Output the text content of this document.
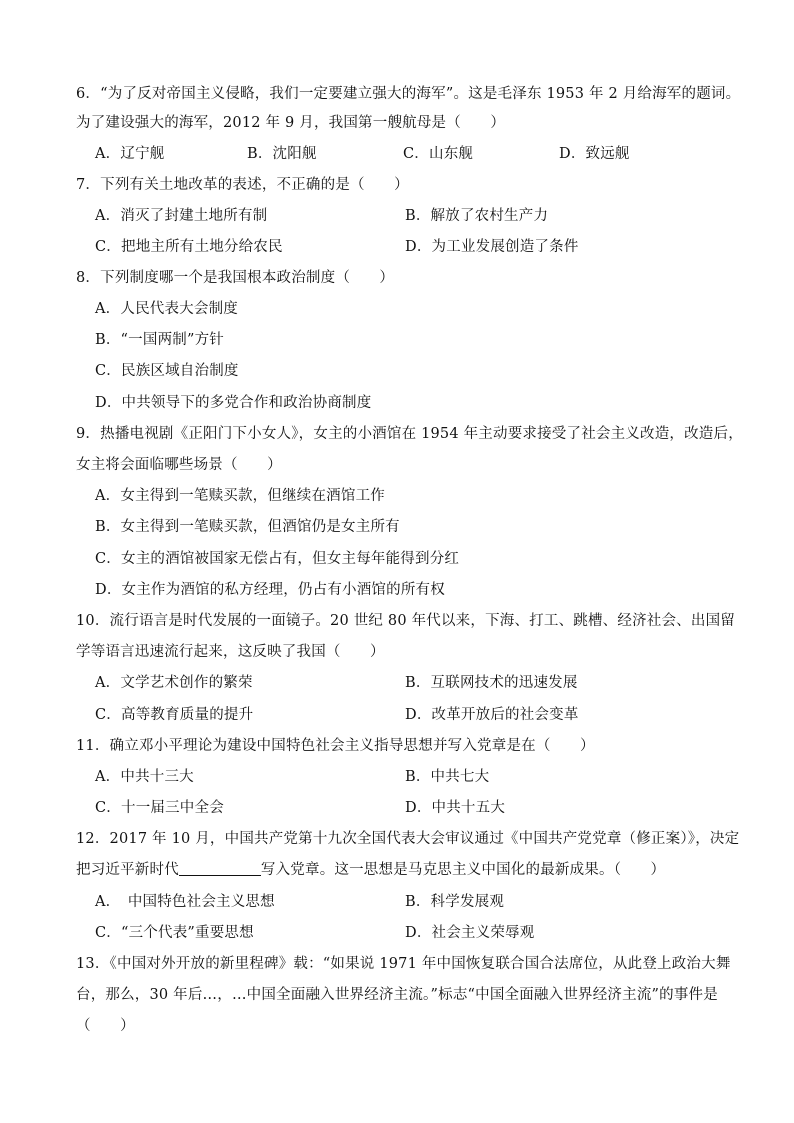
6．“为了反对帝国主义侵略，我们一定要建立强大的海军”。这是毛泽东 1953 年 2 月给海军的题词。
为了建设强大的海军，2012 年 9 月，我国第一艘航母是（　　）
A．辽宁舰	B．沈阳舰	C．山东舰	D．致远舰
7．下列有关土地改革的表述，不正确的是（　　）
A．消灭了封建土地所有制	B．解放了农村生产力
C．把地主所有土地分给农民	D．为工业发展创造了条件
8．下列制度哪一个是我国根本政治制度（　　）
A．人民代表大会制度
B．“一国两制”方针
C．民族区域自治制度
D．中共领导下的多党合作和政治协商制度
9．热播电视剧《正阳门下小女人》，女主的小酒馆在 1954 年主动要求接受了社会主义改造，改造后，
女主将会面临哪些场景（　　）
A．女主得到一笔赎买款，但继续在酒馆工作
B．女主得到一笔赎买款，但酒馆仍是女主所有
C．女主的酒馆被国家无偿占有，但女主每年能得到分红
D．女主作为酒馆的私方经理，仍占有小酒馆的所有权
10．流行语言是时代发展的一面镜子。20 世纪 80 年代以来，下海、打工、跳槽、经济社会、出国留
学等语言迅速流行起来，这反映了我国（　　）
A．文学艺术创作的繁荣	B．互联网技术的迅速发展
C．高等教育质量的提升	D．改革开放后的社会变革
11．确立邓小平理论为建设中国特色社会主义指导思想并写入党章是在（　　）
A．中共十三大	B．中共七大
C．十一届三中全会	D．中共十五大
12．2017 年 10 月，中国共产党第十九次全国代表大会审议通过《中国共产党党章（修正案）》，决定
把习近平新时代	写入党章。这一思想是马克思主义中国化的最新成果。（　　）
A．　中国特色社会主义思想	B．科学发展观
C．“三个代表”重要思想	D．社会主义荣辱观
13．《中国对外开放的新里程碑》载：“如果说 1971 年中国恢复联合国合法席位，从此登上政治大舞
台，那么，30 年后…，…中国全面融入世界经济主流。”标志“中国全面融入世界经济主流”的事件是
（　　）
